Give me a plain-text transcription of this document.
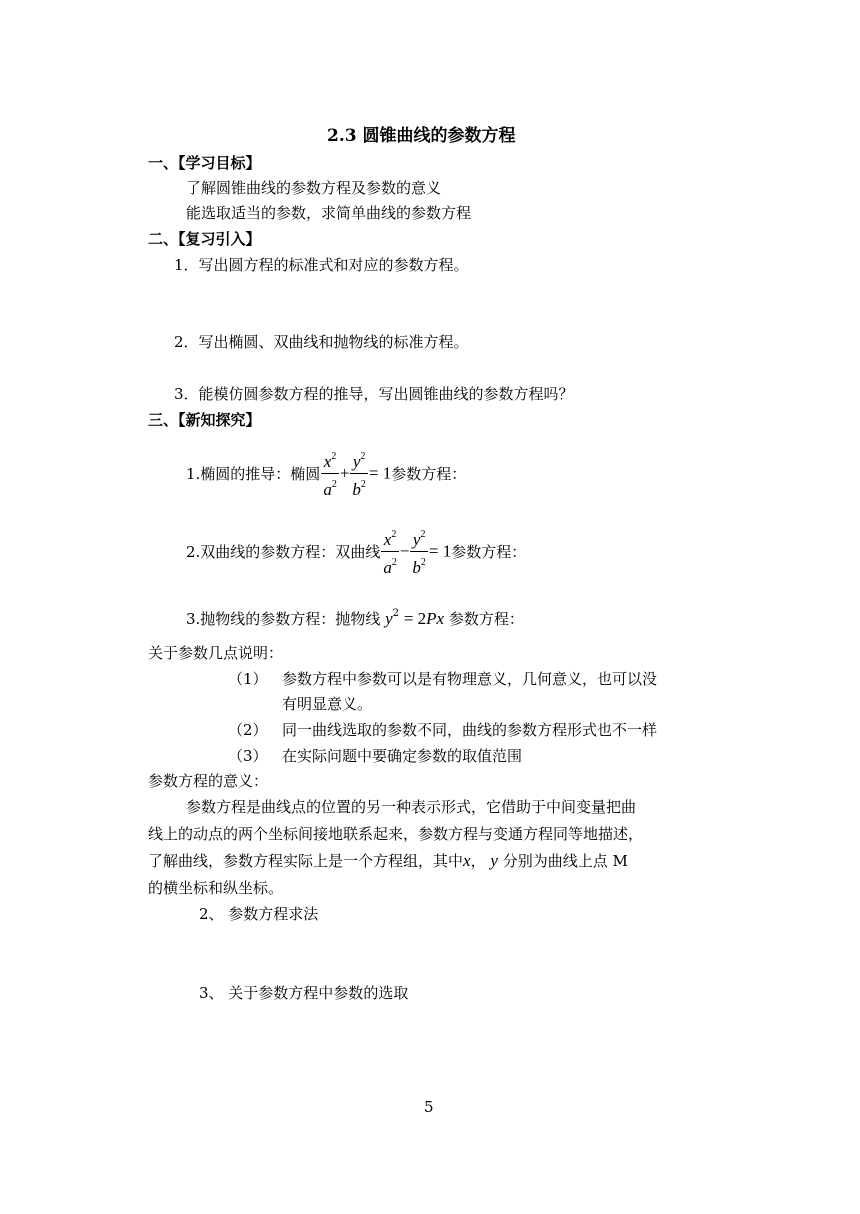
2.3 圆锥曲线的参数方程
一、【学习目标】
了解圆锥曲线的参数方程及参数的意义
能选取适当的参数，求简单曲线的参数方程
二、【复习引入】
1．写出圆方程的标准式和对应的参数方程。
2．写出椭圆、双曲线和抛物线的标准方程。
3．能模仿圆参数方程的推导，写出圆锥曲线的参数方程吗？
三、【新知探究】
1.椭圆的推导：椭圆 $\frac{x^2}{a^2} + \frac{y^2}{b^2} = 1$参数方程：
2.双曲线的参数方程：双曲线 $\frac{x^2}{a^2} - \frac{y^2}{b^2} = 1$参数方程：
3.抛物线的参数方程：抛物线 $y^2 = 2Px$ 参数方程：
关于参数几点说明：
（1） 参数方程中参数可以是有物理意义，几何意义，也可以没
有明显意义。
（2） 同一曲线选取的参数不同，曲线的参数方程形式也不一样
（3） 在实际问题中要确定参数的取值范围
参数方程的意义：
参数方程是曲线点的位置的另一种表示形式，它借助于中间变量把曲
线上的动点的两个坐标间接地联系起来，参数方程与变通方程同等地描述，
了解曲线，参数方程实际上是一个方程组，其中x， y 分别为曲线上点 M
的横坐标和纵坐标。
2、 参数方程求法
3、 关于参数方程中参数的选取
5
